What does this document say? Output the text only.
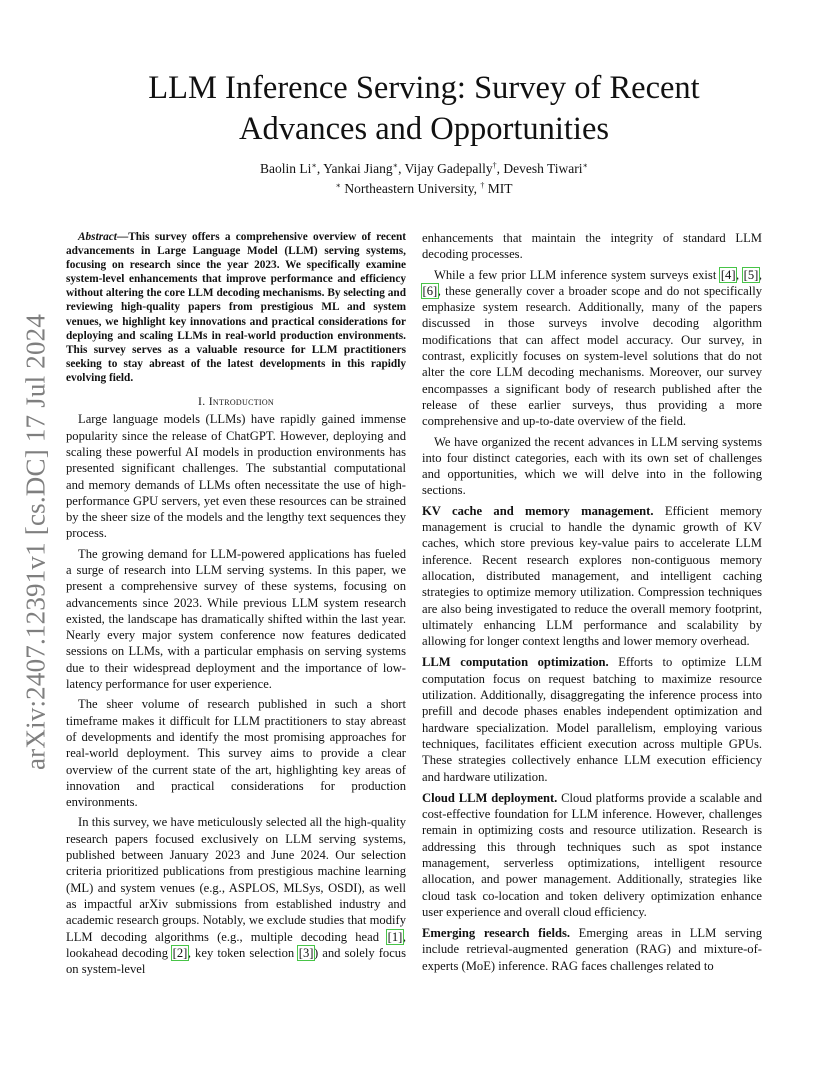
arXiv:2407.12391v1 [cs.DC] 17 Jul 2024
LLM Inference Serving: Survey of Recent
Advances and Opportunities
Baolin Li∗, Yankai Jiang∗, Vijay Gadepally†, Devesh Tiwari∗
∗ Northeastern University, † MIT

Abstract—This survey offers a comprehensive overview of recent advancements in Large Language Model (LLM) serving systems, focusing on research since the year 2023. We specifically examine system-level enhancements that improve performance and efficiency without altering the core LLM decoding mechanisms. By selecting and reviewing high-quality papers from prestigious ML and system venues, we highlight key innovations and practical considerations for deploying and scaling LLMs in real-world production environments. This survey serves as a valuable resource for LLM practitioners seeking to stay abreast of the latest developments in this rapidly evolving field.

I. Introduction

Large language models (LLMs) have rapidly gained immense popularity since the release of ChatGPT. However, deploying and scaling these powerful AI models in production environments has presented significant challenges. The substantial computational and memory demands of LLMs often necessitate the use of high-performance GPU servers, yet even these resources can be strained by the sheer size of the models and the lengthy text sequences they process.

The growing demand for LLM-powered applications has fueled a surge of research into LLM serving systems. In this paper, we present a comprehensive survey of these systems, focusing on advancements since 2023. While previous LLM system research existed, the landscape has dramatically shifted within the last year. Nearly every major system conference now features dedicated sessions on LLMs, with a particular emphasis on serving systems due to their widespread deployment and the importance of low-latency performance for user experience.

The sheer volume of research published in such a short timeframe makes it difficult for LLM practitioners to stay abreast of developments and identify the most promising approaches for real-world deployment. This survey aims to provide a clear overview of the current state of the art, highlighting key areas of innovation and practical considerations for production environments.

In this survey, we have meticulously selected all the high-quality research papers focused exclusively on LLM serving systems, published between January 2023 and June 2024. Our selection criteria prioritized publications from prestigious machine learning (ML) and system venues (e.g., ASPLOS, MLSys, OSDI), as well as impactful arXiv submissions from established industry and academic research groups. Notably, we exclude studies that modify LLM decoding algorithms (e.g., multiple decoding head [1], lookahead decoding [2], key token selection [3]) and solely focus on system-level

enhancements that maintain the integrity of standard LLM decoding processes.

While a few prior LLM inference system surveys exist [4], [5], [6], these generally cover a broader scope and do not specifically emphasize system research. Additionally, many of the papers discussed in those surveys involve decoding algorithm modifications that can affect model accuracy. Our survey, in contrast, explicitly focuses on system-level solutions that do not alter the core LLM decoding mechanisms. Moreover, our survey encompasses a significant body of research published after the release of these earlier surveys, thus providing a more comprehensive and up-to-date overview of the field.

We have organized the recent advances in LLM serving systems into four distinct categories, each with its own set of challenges and opportunities, which we will delve into in the following sections.

KV cache and memory management. Efficient memory management is crucial to handle the dynamic growth of KV caches, which store previous key-value pairs to accelerate LLM inference. Recent research explores non-contiguous memory allocation, distributed management, and intelligent caching strategies to optimize memory utilization. Compression techniques are also being investigated to reduce the overall memory footprint, ultimately enhancing LLM performance and scalability by allowing for longer context lengths and lower memory overhead.

LLM computation optimization. Efforts to optimize LLM computation focus on request batching to maximize resource utilization. Additionally, disaggregating the inference process into prefill and decode phases enables independent optimization and hardware specialization. Model parallelism, employing various techniques, facilitates efficient execution across multiple GPUs. These strategies collectively enhance LLM execution efficiency and hardware utilization.

Cloud LLM deployment. Cloud platforms provide a scalable and cost-effective foundation for LLM inference. However, challenges remain in optimizing costs and resource utilization. Research is addressing this through techniques such as spot instance management, serverless optimizations, intelligent resource allocation, and power management. Additionally, strategies like cloud task co-location and token delivery optimization enhance user experience and overall cloud efficiency.

Emerging research fields. Emerging areas in LLM serving include retrieval-augmented generation (RAG) and mixture-of-experts (MoE) inference. RAG faces challenges related to
